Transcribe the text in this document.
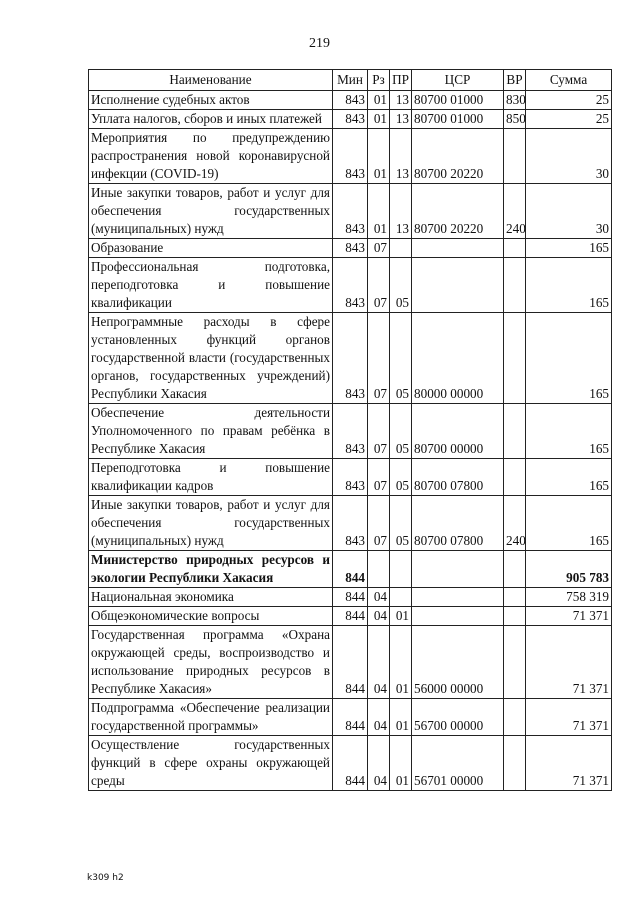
219
Наименование	Мин	Рз	ПР	ЦСР	ВР	Сумма
Исполнение судебных актов	843	01	13	80700 01000	830	25
Уплата налогов, сборов и иных платежей	843	01	13	80700 01000	850	25
Мероприятия по предупреждению распространения новой коронавирусной инфекции (COVID-19)	843	01	13	80700 20220		30
Иные закупки товаров, работ и услуг для обеспечения государственных (муниципальных) нужд	843	01	13	80700 20220	240	30
Образование	843	07				165
Профессиональная подготовка, переподготовка и повышение квалификации	843	07	05			165
Непрограммные расходы в сфере установленных функций органов государственной власти (государственных органов, государственных учреждений) Республики Хакасия	843	07	05	80000 00000		165
Обеспечение деятельности Уполномоченного по правам ребёнка в Республике Хакасия	843	07	05	80700 00000		165
Переподготовка и повышение квалификации кадров	843	07	05	80700 07800		165
Иные закупки товаров, работ и услуг для обеспечения государственных (муниципальных) нужд	843	07	05	80700 07800	240	165
Министерство природных ресурсов и экологии Республики Хакасия	844					905 783
Национальная экономика	844	04				758 319
Общеэкономические вопросы	844	04	01			71 371
Государственная программа «Охрана окружающей среды, воспроизводство и использование природных ресурсов в Республике Хакасия»	844	04	01	56000 00000		71 371
Подпрограмма «Обеспечение реализации государственной программы»	844	04	01	56700 00000		71 371
Осуществление государственных функций в сфере охраны окружающей среды	844	04	01	56701 00000		71 371
k309 h2
